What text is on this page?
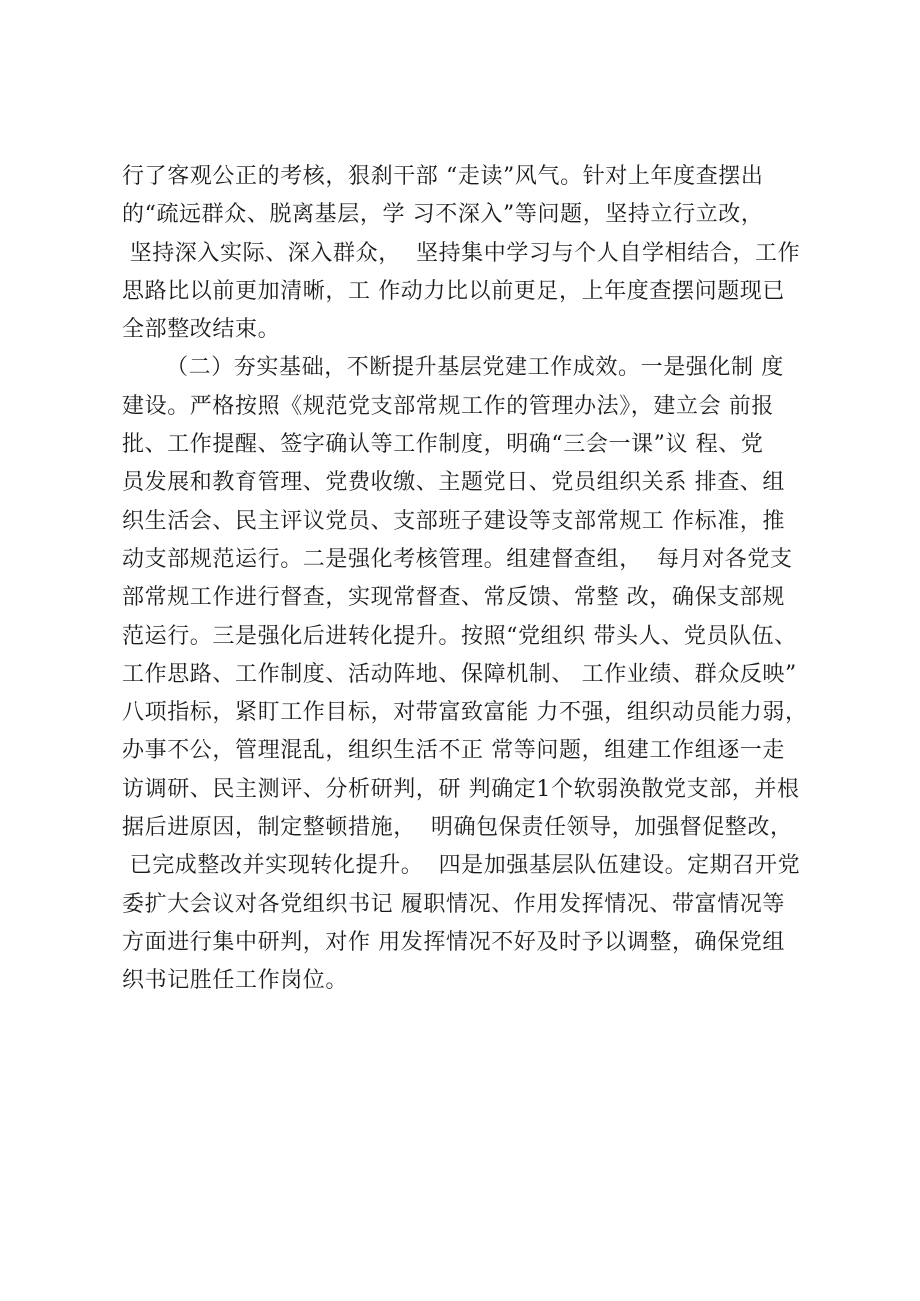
行了客观公正的考核，狠刹干部 “走读”风气。针对上年度查摆出
的“疏远群众、脱离基层，学 习不深入”等问题，坚持立行立改，
坚持深入实际、深入群众，  坚持集中学习与个人自学相结合，工作
思路比以前更加清晰，工 作动力比以前更足，上年度查摆问题现已
全部整改结束。
（二）夯实基础，不断提升基层党建工作成效。一是强化制 度
建设。严格按照《规范党支部常规工作的管理办法》，建立会 前报
批、工作提醒、签字确认等工作制度，明确“三会一课”议 程、党
员发展和教育管理、党费收缴、主题党日、党员组织关系 排查、组
织生活会、民主评议党员、支部班子建设等支部常规工 作标准，推
动支部规范运行。二是强化考核管理。组建督查组，  每月对各党支
部常规工作进行督查，实现常督查、常反馈、常整 改，确保支部规
范运行。三是强化后进转化提升。按照“党组织 带头人、党员队伍、
工作思路、工作制度、活动阵地、保障机制、 工作业绩、群众反映”
八项指标，紧盯工作目标，对带富致富能 力不强，组织动员能力弱，
办事不公，管理混乱，组织生活不正 常等问题，组建工作组逐一走
访调研、民主测评、分析研判，研 判确定1个软弱涣散党支部，并根
据后进原因，制定整顿措施，  明确包保责任领导，加强督促整改，
已完成整改并实现转化提升。  四是加强基层队伍建设。定期召开党
委扩大会议对各党组织书记 履职情况、作用发挥情况、带富情况等
方面进行集中研判，对作 用发挥情况不好及时予以调整，确保党组
织书记胜任工作岗位。
